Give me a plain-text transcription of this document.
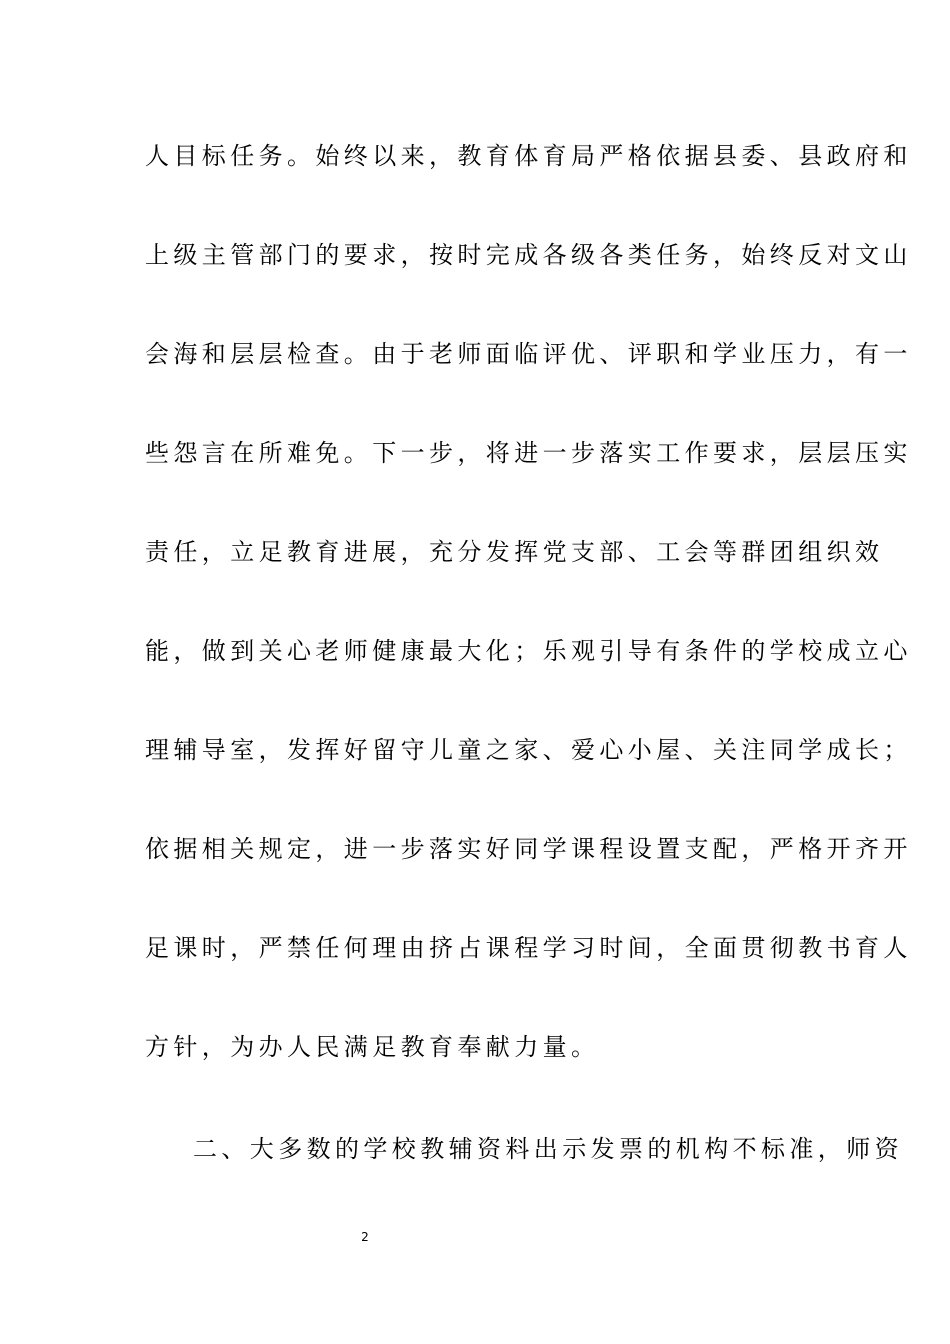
人目标任务。始终以来，教育体育局严格依据县委、县政府和
上级主管部门的要求，按时完成各级各类任务，始终反对文山
会海和层层检查。由于老师面临评优、评职和学业压力，有一
些怨言在所难免。下一步，将进一步落实工作要求，层层压实
责任，立足教育进展，充分发挥党支部、工会等群团组织效
能，做到关心老师健康最大化；乐观引导有条件的学校成立心
理辅导室，发挥好留守儿童之家、爱心小屋、关注同学成长；
依据相关规定，进一步落实好同学课程设置支配，严格开齐开
足课时，严禁任何理由挤占课程学习时间，全面贯彻教书育人
方针，为办人民满足教育奉献力量。
二、大多数的学校教辅资料出示发票的机构不标准，师资
2
